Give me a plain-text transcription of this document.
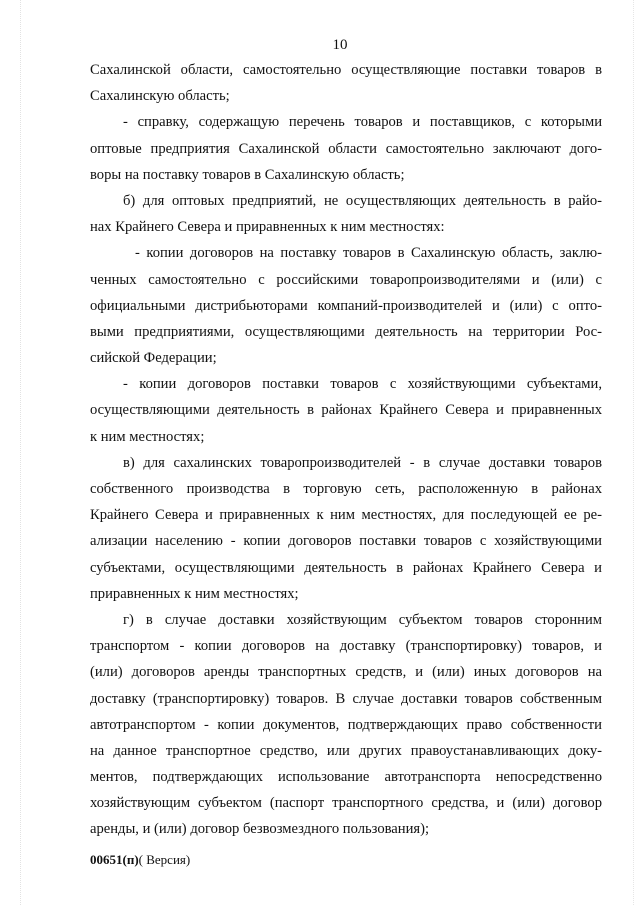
10
Сахалинской области, самостоятельно осуществляющие поставки товаров в
Сахалинскую область;
- справку, содержащую перечень товаров и поставщиков, с которыми
оптовые предприятия Сахалинской области самостоятельно заключают дого-
воры на поставку товаров в Сахалинскую область;
б) для оптовых предприятий, не осуществляющих деятельность в райо-
нах Крайнего Севера и приравненных к ним местностях:
- копии договоров на поставку товаров в Сахалинскую область, заклю-
ченных самостоятельно с российскими товаропроизводителями и (или) с
официальными дистрибьюторами компаний-производителей и (или) с опто-
выми предприятиями, осуществляющими деятельность на территории Рос-
сийской Федерации;
- копии договоров поставки товаров с хозяйствующими субъектами,
осуществляющими деятельность в районах Крайнего Севера и приравненных
к ним местностях;
в) для сахалинских товаропроизводителей - в случае доставки товаров
собственного производства в торговую сеть, расположенную в районах
Крайнего Севера и приравненных к ним местностях, для последующей ее ре-
ализации населению - копии договоров поставки товаров с хозяйствующими
субъектами, осуществляющими деятельность в районах Крайнего Севера и
приравненных к ним местностях;
г) в случае доставки хозяйствующим субъектом товаров сторонним
транспортом - копии договоров на доставку (транспортировку) товаров, и
(или) договоров аренды транспортных средств, и (или) иных договоров на
доставку (транспортировку) товаров. В случае доставки товаров собственным
автотранспортом - копии документов, подтверждающих право собственности
на данное транспортное средство, или других правоустанавливающих доку-
ментов, подтверждающих использование автотранспорта непосредственно
хозяйствующим субъектом (паспорт транспортного средства, и (или) договор
аренды, и (или) договор безвозмездного пользования);
00651(п)( Версия)
